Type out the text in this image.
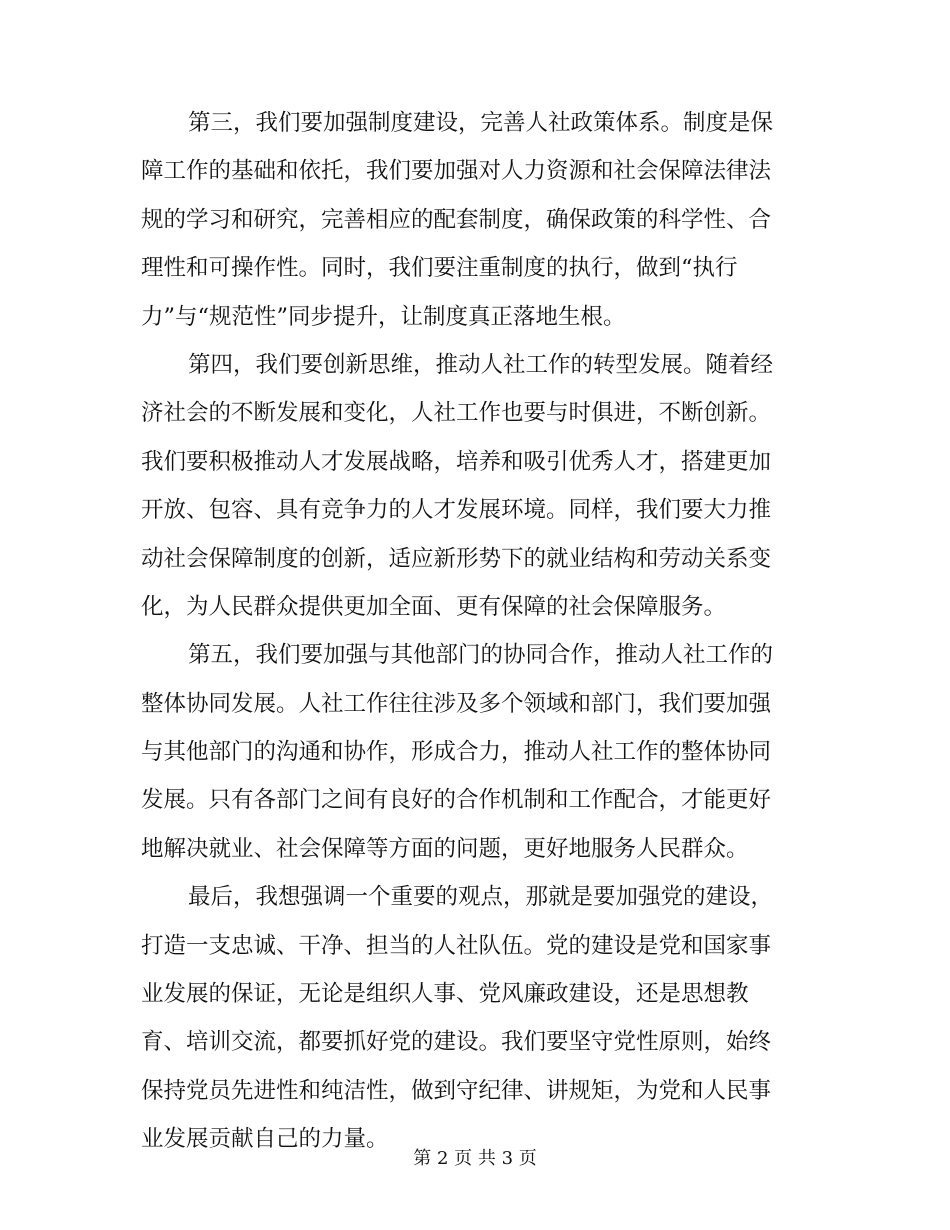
第三，我们要加强制度建设，完善人社政策体系。制度是保
障工作的基础和依托，我们要加强对人力资源和社会保障法律法
规的学习和研究，完善相应的配套制度，确保政策的科学性、合
理性和可操作性。同时，我们要注重制度的执行，做到“执行
力”与“规范性”同步提升，让制度真正落地生根。
第四，我们要创新思维，推动人社工作的转型发展。随着经
济社会的不断发展和变化，人社工作也要与时俱进，不断创新。
我们要积极推动人才发展战略，培养和吸引优秀人才，搭建更加
开放、包容、具有竞争力的人才发展环境。同样，我们要大力推
动社会保障制度的创新，适应新形势下的就业结构和劳动关系变
化，为人民群众提供更加全面、更有保障的社会保障服务。
第五，我们要加强与其他部门的协同合作，推动人社工作的
整体协同发展。人社工作往往涉及多个领域和部门，我们要加强
与其他部门的沟通和协作，形成合力，推动人社工作的整体协同
发展。只有各部门之间有良好的合作机制和工作配合，才能更好
地解决就业、社会保障等方面的问题，更好地服务人民群众。
最后，我想强调一个重要的观点，那就是要加强党的建设，
打造一支忠诚、干净、担当的人社队伍。党的建设是党和国家事
业发展的保证，无论是组织人事、党风廉政建设，还是思想教
育、培训交流，都要抓好党的建设。我们要坚守党性原则，始终
保持党员先进性和纯洁性，做到守纪律、讲规矩，为党和人民事
业发展贡献自己的力量。
第 2 页 共 3 页
